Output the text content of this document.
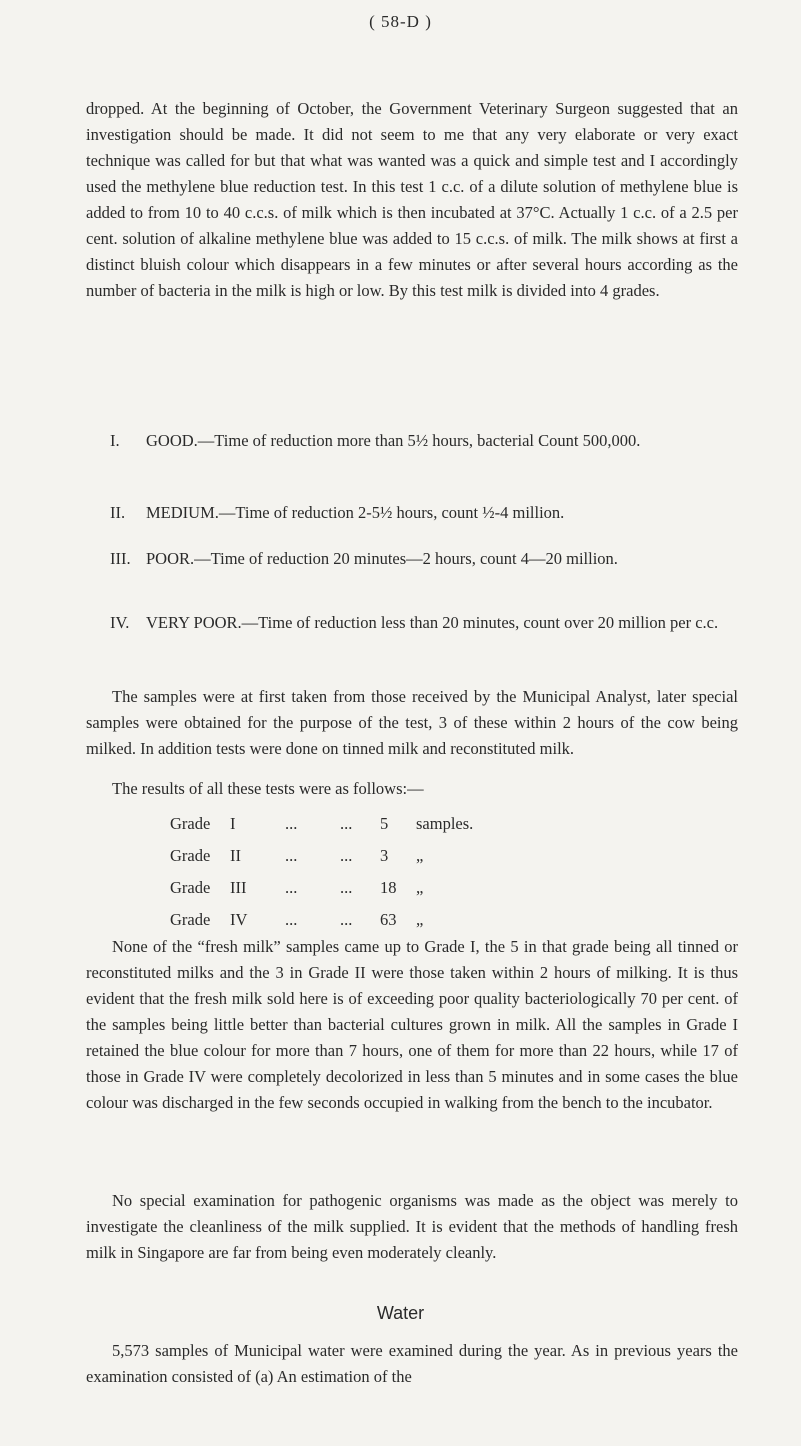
( 58-D )

dropped. At the beginning of October, the Government Veterinary Surgeon suggested that an investigation should be made. It did not seem to me that any very elaborate or very exact technique was called for but that what was wanted was a quick and simple test and I accordingly used the methylene blue reduction test. In this test 1 c.c. of a dilute solution of methylene blue is added to from 10 to 40 c.c.s. of milk which is then incubated at 37°C. Actually 1 c.c. of a 2.5 per cent. solution of alkaline methylene blue was added to 15 c.c.s. of milk. The milk shows at first a distinct bluish colour which disappears in a few minutes or after several hours according as the number of bacteria in the milk is high or low. By this test milk is divided into 4 grades.

I.	GOOD.—Time of reduction more than 5½ hours, bacterial Count 500,000.

II.	MEDIUM.—Time of reduction 2-5½ hours, count ½-4 million.

III. POOR.—Time of reduction 20 minutes—2 hours, count 4—20 million.

IV.	VERY POOR.—Time of reduction less than 20 minutes, count over 20 million per c.c.

The samples were at first taken from those received by the Municipal Analyst, later special samples were obtained for the purpose of the test, 3 of these within 2 hours of the cow being milked. In addition tests were done on tinned milk and reconstituted milk.

The results of all these tests were as follows:—

Grade I	...	... 5 samples.
Grade II	...	... 3 „
Grade III ...	... 18 „
Grade IV ...	... 63 „

None of the “fresh milk” samples came up to Grade I, the 5 in that grade being all tinned or reconstituted milks and the 3 in Grade II were those taken within 2 hours of milking. It is thus evident that the fresh milk sold here is of exceeding poor quality bacteriologically 70 per cent. of the samples being little better than bacterial cultures grown in milk. All the samples in Grade I retained the blue colour for more than 7 hours, one of them for more than 22 hours, while 17 of those in Grade IV were completely decolorized in less than 5 minutes and in some cases the blue colour was discharged in the few seconds occupied in walking from the bench to the incubator.

No special examination for pathogenic organisms was made as the object was merely to investigate the cleanliness of the milk supplied. It is evident that the methods of handling fresh milk in Singapore are far from being even moderately cleanly.

Water

5,573 samples of Municipal water were examined during the year. As in previous years the examination consisted of (a) An estimation of the
